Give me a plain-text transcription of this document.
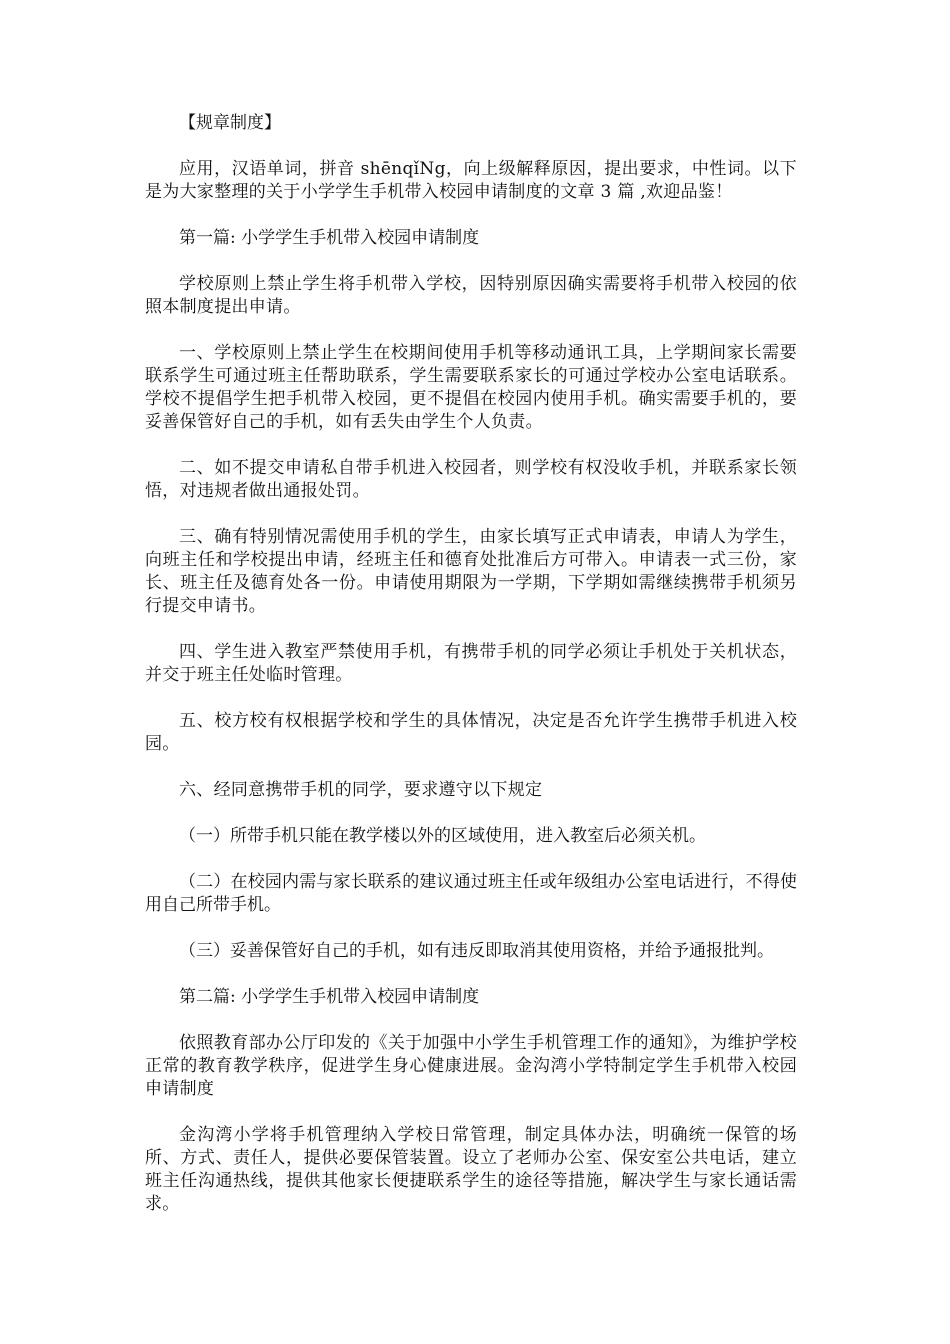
【规章制度】

应用，汉语单词，拼音 shēnqǐNg，向上级解释原因，提出要求，中性词。以下是为大家整理的关于小学学生手机带入校园申请制度的文章 3 篇 ,欢迎品鉴！

第一篇: 小学学生手机带入校园申请制度

学校原则上禁止学生将手机带入学校，因特别原因确实需要将手机带入校园的依照本制度提出申请。

一、学校原则上禁止学生在校期间使用手机等移动通讯工具，上学期间家长需要联系学生可通过班主任帮助联系，学生需要联系家长的可通过学校办公室电话联系。学校不提倡学生把手机带入校园，更不提倡在校园内使用手机。确实需要手机的，要妥善保管好自己的手机，如有丢失由学生个人负责。

二、如不提交申请私自带手机进入校园者，则学校有权没收手机，并联系家长领悟，对违规者做出通报处罚。

三、确有特别情况需使用手机的学生，由家长填写正式申请表，申请人为学生，向班主任和学校提出申请，经班主任和德育处批准后方可带入。申请表一式三份，家长、班主任及德育处各一份。申请使用期限为一学期，下学期如需继续携带手机须另行提交申请书。

四、学生进入教室严禁使用手机，有携带手机的同学必须让手机处于关机状态，并交于班主任处临时管理。

五、校方校有权根据学校和学生的具体情况，决定是否允许学生携带手机进入校园。

六、经同意携带手机的同学，要求遵守以下规定

（一）所带手机只能在教学楼以外的区域使用，进入教室后必须关机。

（二）在校园内需与家长联系的建议通过班主任或年级组办公室电话进行，不得使用自己所带手机。

（三）妥善保管好自己的手机，如有违反即取消其使用资格，并给予通报批判。

第二篇: 小学学生手机带入校园申请制度

依照教育部办公厅印发的《关于加强中小学生手机管理工作的通知》，为维护学校正常的教育教学秩序，促进学生身心健康进展。金沟湾小学特制定学生手机带入校园申请制度

金沟湾小学将手机管理纳入学校日常管理，制定具体办法，明确统一保管的场所、方式、责任人，提供必要保管装置。设立了老师办公室、保安室公共电话，建立班主任沟通热线，提供其他家长便捷联系学生的途径等措施，解决学生与家长通话需求。
